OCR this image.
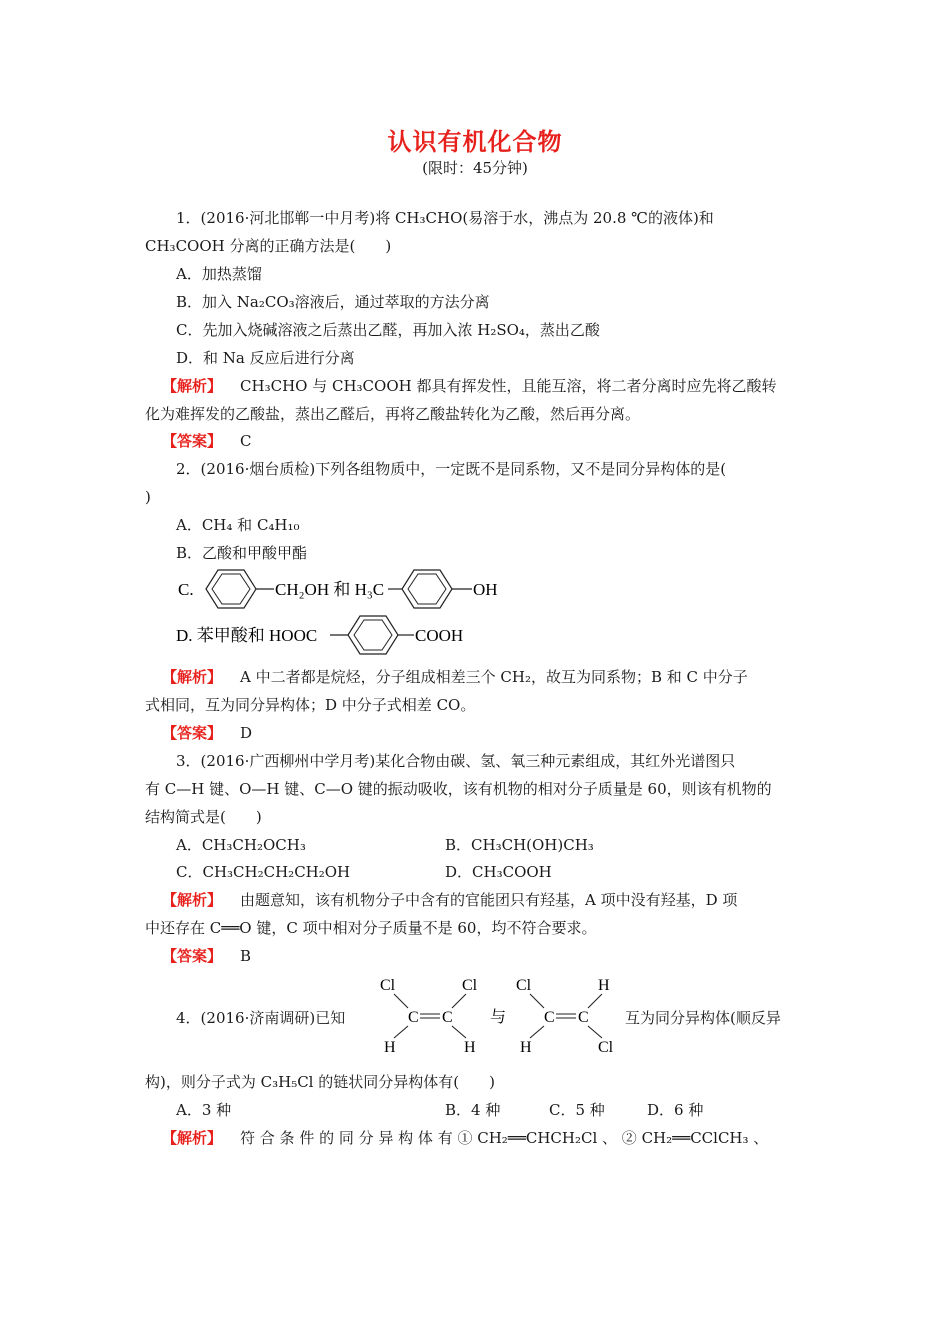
认识有机化合物
(限时：45分钟)
1．(2016·河北邯郸一中月考)将 CH₃CHO(易溶于水，沸点为 20.8 ℃的液体)和
CH₃COOH 分离的正确方法是(　　)
A．加热蒸馏
B．加入 Na₂CO₃溶液后，通过萃取的方法分离
C．先加入烧碱溶液之后蒸出乙醛，再加入浓 H₂SO₄，蒸出乙酸
D．和 Na 反应后进行分离
【解析】 CH₃CHO 与 CH₃COOH 都具有挥发性，且能互溶，将二者分离时应先将乙酸转
化为难挥发的乙酸盐，蒸出乙醛后，再将乙酸盐转化为乙酸，然后再分离。
【答案】 C
2．(2016·烟台质检)下列各组物质中，一定既不是同系物，又不是同分异构体的是(
)
A．CH₄ 和 C₄H₁₀
B．乙酸和甲酸甲酯
C.	CH₂OH 和 H₃C	OH
D. 苯甲酸和 HOOC	COOH
【解析】 A 中二者都是烷烃，分子组成相差三个 CH₂，故互为同系物；B 和 C 中分子
式相同，互为同分异构体；D 中分子式相差 CO。
【答案】 D
3．(2016·广西柳州中学月考)某化合物由碳、氢、氧三种元素组成，其红外光谱图只
有 C—H 键、O—H 键、C—O 键的振动吸收，该有机物的相对分子质量是 60，则该有机物的
结构简式是(　　)
A．CH₃CH₂OCH₃	B．CH₃CH(OH)CH₃
C．CH₃CH₂CH₂CH₂OH	D．CH₃COOH
【解析】 由题意知，该有机物分子中含有的官能团只有羟基，A 项中没有羟基，D 项
中还存在 C══O 键，C 项中相对分子质量不是 60，均不符合要求。
【答案】 B
4．(2016·济南调研)已知
Cl	Cl
C C
H	H
与
Cl	H
C C
H	Cl
互为同分异构体(顺反异
构)，则分子式为 C₃H₅Cl 的链状同分异构体有(　　)
A．3 种	B．4 种	C．5 种	D．6 种
【解析】 符 合 条 件 的 同 分 异 构 体 有 ① CH₂══CHCH₂Cl 、 ② CH₂══CClCH₃ 、
